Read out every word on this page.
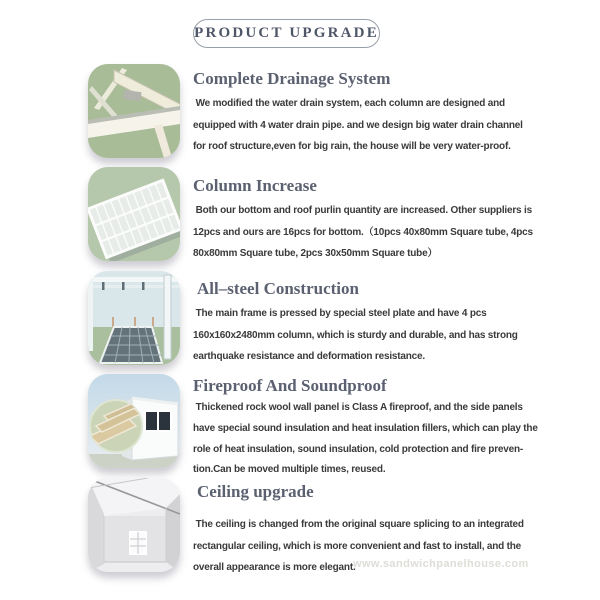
PRODUCT UPGRADE
Complete Drainage System
We modified the water drain system, each column are designed and
equipped with 4 water drain pipe. and we design big water drain channel
for roof structure,even for big rain, the house will be very water-proof.
Column Increase
Both our bottom and roof purlin quantity are increased. Other suppliers is
12pcs and ours are 16pcs for bottom.（10pcs 40x80mm Square tube, 4pcs
80x80mm Square tube, 2pcs 30x50mm Square tube）
All–steel Construction
The main frame is pressed by special steel plate and have 4 pcs
160x160x2480mm column, which is sturdy and durable, and has strong
earthquake resistance and deformation resistance.
Fireproof And Soundproof
Thickened rock wool wall panel is Class A fireproof, and the side panels
have special sound insulation and heat insulation fillers, which can play the
role of heat insulation, sound insulation, cold protection and fire preven-
tion.Can be moved multiple times, reused.
Ceiling upgrade
The ceiling is changed from the original square splicing to an integrated
rectangular ceiling, which is more convenient and fast to install, and the
overall appearance is more elegant.
www.sandwichpanelhouse.com
